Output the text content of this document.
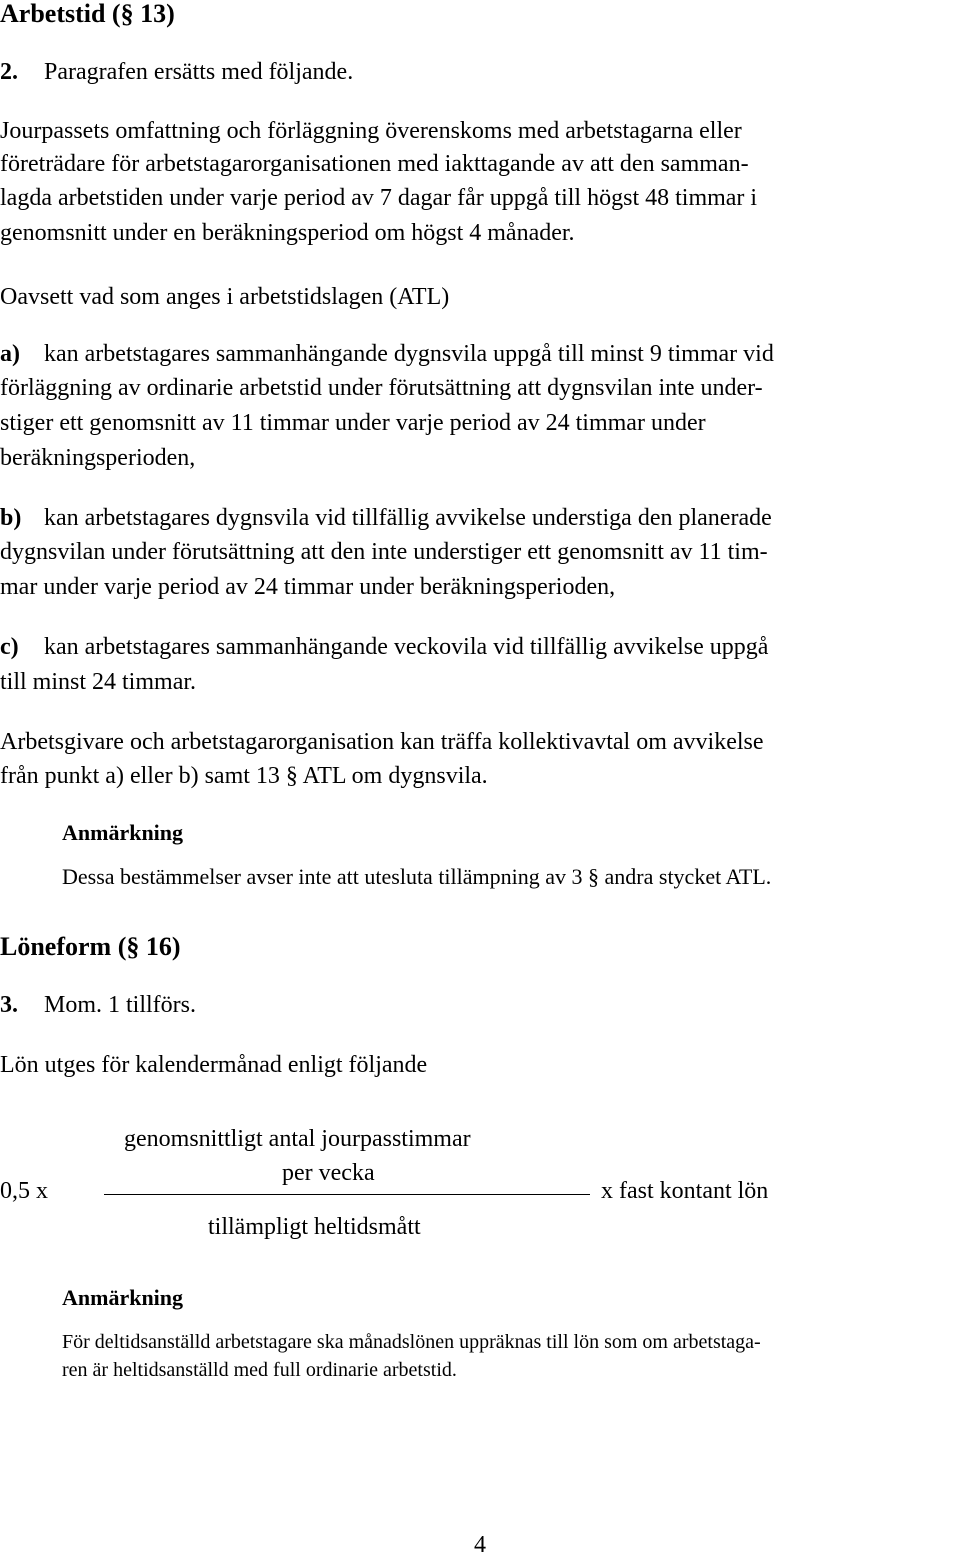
Arbetstid (§ 13)

2. Paragrafen ersätts med följande.

Jourpassets omfattning och förläggning överenskoms med arbetstagarna eller

företrädare för arbetstagarorganisationen med iakttagande av att den samman-

lagda arbetstiden under varje period av 7 dagar får uppgå till högst 48 timmar i

genomsnitt under en beräkningsperiod om högst 4 månader.

Oavsett vad som anges i arbetstidslagen (ATL)

a) kan arbetstagares sammanhängande dygnsvila uppgå till minst 9 timmar vid

förläggning av ordinarie arbetstid under förutsättning att dygnsvilan inte under-

stiger ett genomsnitt av 11 timmar under varje period av 24 timmar under

beräkningsperioden,

b) kan arbetstagares dygnsvila vid tillfällig avvikelse understiga den planerade

dygnsvilan under förutsättning att den inte understiger ett genomsnitt av 11 tim-

mar under varje period av 24 timmar under beräkningsperioden,

c) kan arbetstagares sammanhängande veckovila vid tillfällig avvikelse uppgå

till minst 24 timmar.

Arbetsgivare och arbetstagarorganisation kan träffa kollektivavtal om avvikelse

från punkt a) eller b) samt 13 § ATL om dygnsvila.

Anmärkning

Dessa bestämmelser avser inte att utesluta tillämpning av 3 § andra stycket ATL.

Löneform (§ 16)

3. Mom. 1 tillförs.

Lön utges för kalendermånad enligt följande

0,5 x

genomsnittligt antal jourpasstimmar

per vecka

tillämpligt heltidsmått

x fast kontant lön

Anmärkning

För deltidsanställd arbetstagare ska månadslönen uppräknas till lön som om arbetstaga-

ren är heltidsanställd med full ordinarie arbetstid.

4
